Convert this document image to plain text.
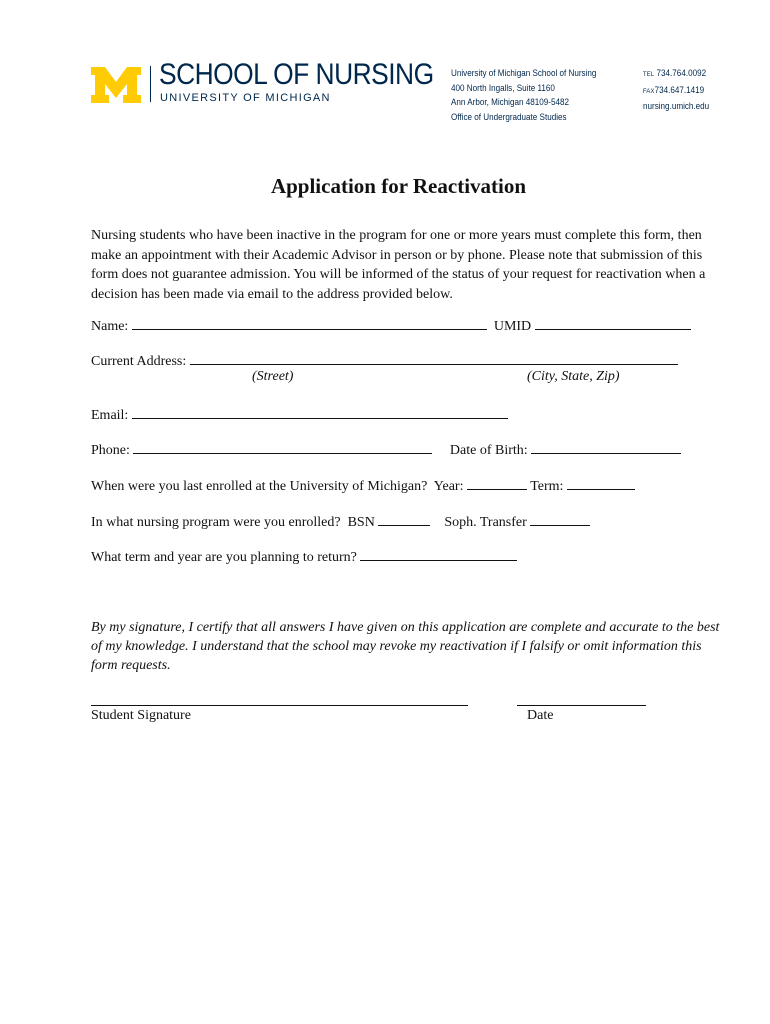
SCHOOL OF NURSING
UNIVERSITY OF MICHIGAN
University of Michigan School of Nursing
400 North Ingalls, Suite 1160
Ann Arbor, Michigan 48109-5482
Office of Undergraduate Studies
TEL 734.764.0092
FAX734.647.1419
nursing.umich.edu
Application for Reactivation
Nursing students who have been inactive in the program for one or more years must complete this form, then make an appointment with their Academic Advisor in person or by phone. Please note that submission of this form does not guarantee admission. You will be informed of the status of your request for reactivation when a decision has been made via email to the address provided below.
Name:	UMID
Current Address:
(Street)	(City, State, Zip)
Email:
Phone:	Date of Birth:
When were you last enrolled at the University of Michigan? Year:	Term:
In what nursing program were you enrolled? BSN	Soph. Transfer
What term and year are you planning to return?
By my signature, I certify that all answers I have given on this application are complete and accurate to the best of my knowledge. I understand that the school may revoke my reactivation if I falsify or omit information this form requests.
Student Signature	Date
